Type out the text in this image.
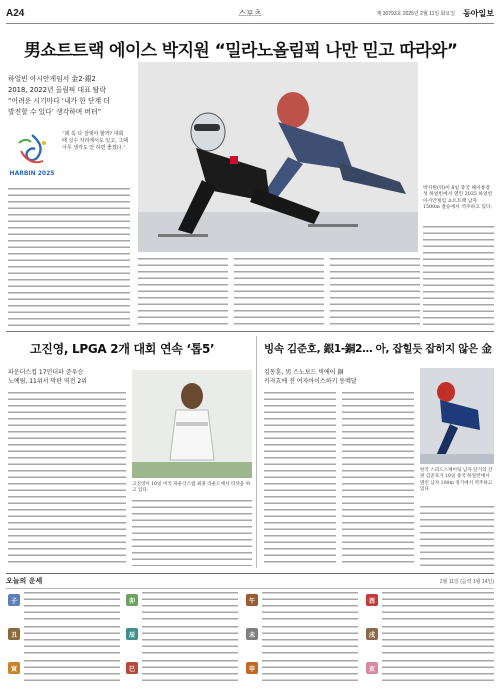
A24	스포츠	제 30793호 2025년 2월 11일 화요일 동아일보
男쇼트트랙 에이스 박지원 “밀라노올림픽 나만 믿고 따라와”
하얼빈 아시안게임서 金2·銀2
2018, 2022년 올림픽 대표 탈락
“어려운 시기마다 ‘내가 한 단계 더
발전할 수 있다’ 생각하며 버텨”
HARBIN 2025
“왜 꼭 다 잘돼야 할까? 대회 때 실수 자리에서도 있고, 그때 아무 생각도 안 하면 좋겠다.”
박지원(뒤)이 8일 중국 헤이룽장성 하얼빈에서 열린 2025 하얼빈 아시안게임 쇼트트랙 남자 1500m 결승에서 역주하고 있다.
고진영, LPGA 2개 대회 연속 ‘톱5’
파운더스컵 17언더파 준우승
노예림, 11위서 막판 역전 2위
고진영이 10일 미국 파운더스컵 최종 라운드에서 티샷을 하고 있다.
빙속 김준호, 銀1-銅2… 아, 잡힐듯 잡히지 않은 金
김동훈, 男 스노보드 빅에어 銅
카자흐에 진 여자아이스하키 동메달
한국 스피드스케이팅 남자 단거리 간판 김준호가 10일 중국 하얼빈에서 열린 남자 100m 경기에서 역주하고 있다.
오늘의 운세	2월 11일 (음력 1월 14일)
子
丑
寅
卯
辰
巳
午
未
申
酉
戌
亥
